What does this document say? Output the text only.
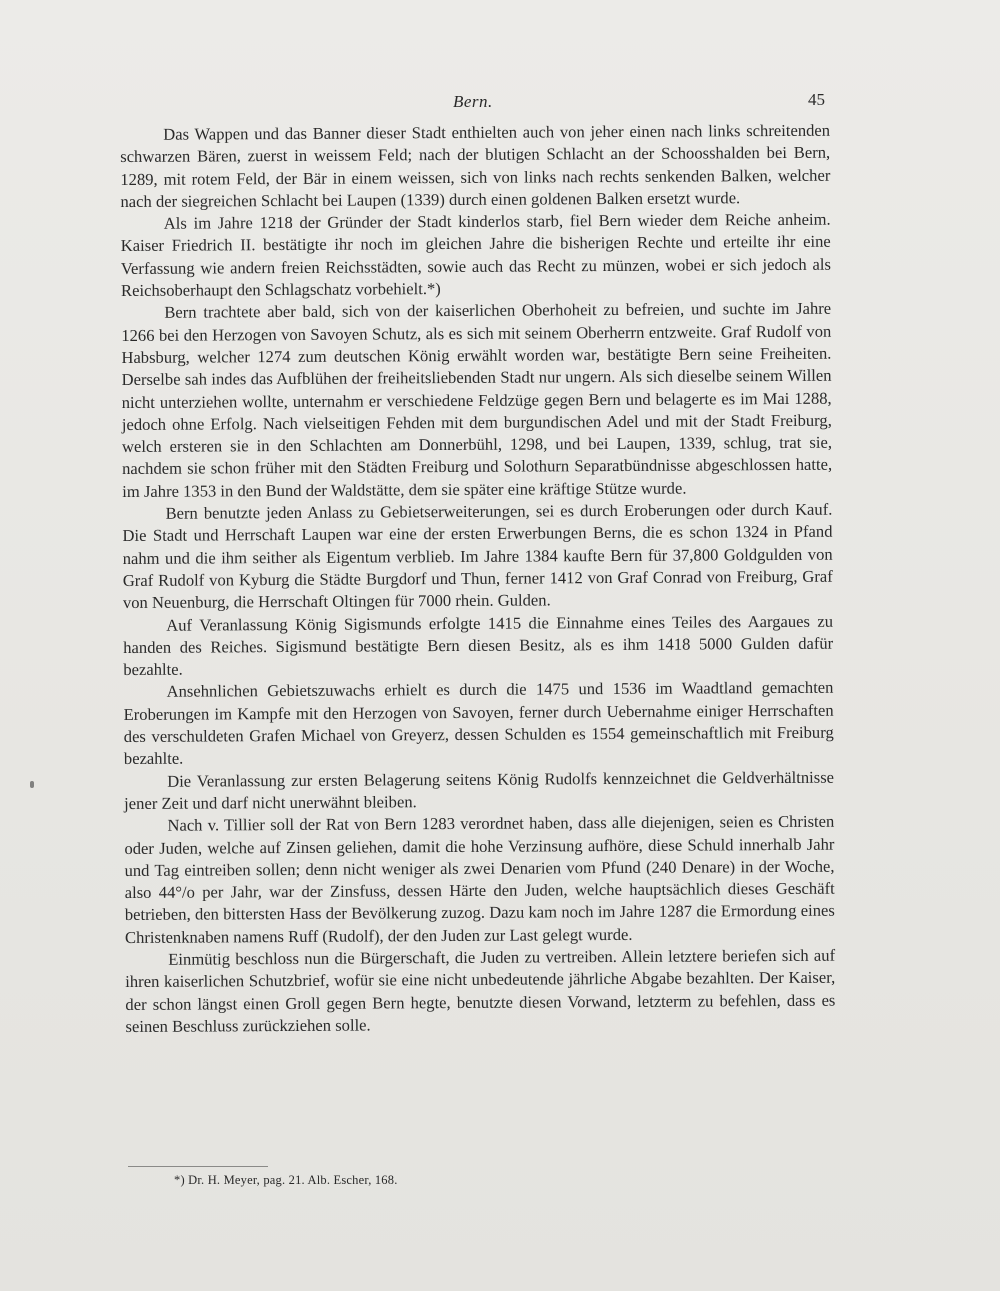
Bern.	45

Das Wappen und das Banner dieser Stadt enthielten auch von jeher einen nach links schreitenden schwarzen Bären, zuerst in weissem Feld; nach der blutigen Schlacht an der Schoosshalden bei Bern, 1289, mit rotem Feld, der Bär in einem weissen, sich von links nach rechts senkenden Balken, welcher nach der siegreichen Schlacht bei Laupen (1339) durch einen goldenen Balken ersetzt wurde.

Als im Jahre 1218 der Gründer der Stadt kinderlos starb, fiel Bern wieder dem Reiche anheim. Kaiser Friedrich II. bestätigte ihr noch im gleichen Jahre die bisherigen Rechte und erteilte ihr eine Verfassung wie andern freien Reichsstädten, sowie auch das Recht zu münzen, wobei er sich jedoch als Reichsoberhaupt den Schlagschatz vorbehielt.*)

Bern trachtete aber bald, sich von der kaiserlichen Oberhoheit zu befreien, und suchte im Jahre 1266 bei den Herzogen von Savoyen Schutz, als es sich mit seinem Oberherrn entzweite. Graf Rudolf von Habsburg, welcher 1274 zum deutschen König erwählt worden war, bestätigte Bern seine Freiheiten. Derselbe sah indes das Aufblühen der freiheitsliebenden Stadt nur ungern. Als sich dieselbe seinem Willen nicht unterziehen wollte, unternahm er verschiedene Feldzüge gegen Bern und belagerte es im Mai 1288, jedoch ohne Erfolg. Nach vielseitigen Fehden mit dem burgundischen Adel und mit der Stadt Freiburg, welch ersteren sie in den Schlachten am Donnerbühl, 1298, und bei Laupen, 1339, schlug, trat sie, nachdem sie schon früher mit den Städten Freiburg und Solothurn Separatbündnisse abgeschlossen hatte, im Jahre 1353 in den Bund der Waldstätte, dem sie später eine kräftige Stütze wurde.

Bern benutzte jeden Anlass zu Gebietserweiterungen, sei es durch Eroberungen oder durch Kauf. Die Stadt und Herrschaft Laupen war eine der ersten Erwerbungen Berns, die es schon 1324 in Pfand nahm und die ihm seither als Eigentum verblieb. Im Jahre 1384 kaufte Bern für 37,800 Goldgulden von Graf Rudolf von Kyburg die Städte Burgdorf und Thun, ferner 1412 von Graf Conrad von Freiburg, Graf von Neuenburg, die Herrschaft Oltingen für 7000 rhein. Gulden.

Auf Veranlassung König Sigismunds erfolgte 1415 die Einnahme eines Teiles des Aargaues zu handen des Reiches. Sigismund bestätigte Bern diesen Besitz, als es ihm 1418 5000 Gulden dafür bezahlte.

Ansehnlichen Gebietszuwachs erhielt es durch die 1475 und 1536 im Waadtland gemachten Eroberungen im Kampfe mit den Herzogen von Savoyen, ferner durch Uebernahme einiger Herrschaften des verschuldeten Grafen Michael von Greyerz, dessen Schulden es 1554 gemeinschaftlich mit Freiburg bezahlte.

Die Veranlassung zur ersten Belagerung seitens König Rudolfs kennzeichnet die Geldverhältnisse jener Zeit und darf nicht unerwähnt bleiben.

Nach v. Tillier soll der Rat von Bern 1283 verordnet haben, dass alle diejenigen, seien es Christen oder Juden, welche auf Zinsen geliehen, damit die hohe Verzinsung aufhöre, diese Schuld innerhalb Jahr und Tag eintreiben sollen; denn nicht weniger als zwei Denarien vom Pfund (240 Denare) in der Woche, also 44°/o per Jahr, war der Zinsfuss, dessen Härte den Juden, welche hauptsächlich dieses Geschäft betrieben, den bittersten Hass der Bevölkerung zuzog. Dazu kam noch im Jahre 1287 die Ermordung eines Christenknaben namens Ruff (Rudolf), der den Juden zur Last gelegt wurde.

Einmütig beschloss nun die Bürgerschaft, die Juden zu vertreiben. Allein letztere beriefen sich auf ihren kaiserlichen Schutzbrief, wofür sie eine nicht unbedeutende jährliche Abgabe bezahlten. Der Kaiser, der schon längst einen Groll gegen Bern hegte, benutzte diesen Vorwand, letzterm zu befehlen, dass es seinen Beschluss zurückziehen solle.

*) Dr. H. Meyer, pag. 21. Alb. Escher, 168.
